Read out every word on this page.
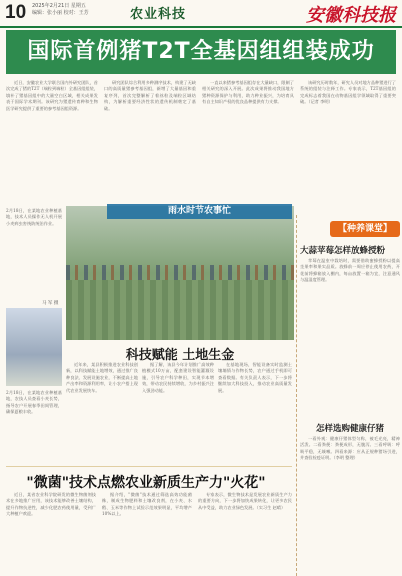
10 2025年2月21日 星期五
编辑：张小丽 校对：王芳	农业科技	安徽科技报
国际首例猪T2T全基因组组装成功
近日，安徽农业大学联合国内外研究团队，首次完成了猪的T2T（端粒到端粒）全基因组组装，填补了猪基因组中的大量空白区域，相关成果发表于国际学术期刊。该研究为猪遗传育种和生物医学研究提供了重要的参考基因组资源。
研究团队综合利用多种测序技术，构建了无缺口的高质量猪参考基因组，新增了大量基因和重复序列，首次完整解析了着丝粒及端粒区域结构，为解析重要经济性状的遗传机制奠定了基础。
一直以来猪参考基因组存在大量缺口，限制了相关研究的深入开展。此次成果将推动我国地方猪种资源保护与利用，助力种业振兴，为培育具有自主知识产权的优良品种提供有力支撑。
该研究历时数年，研究人员对地方品种猪进行了系统的组装与注释工作。专家表示，T2T基因组的完成标志着我国在动物基因组学领域取得了重要突破。（记者 李明）
雨水时节农事忙
2月18日，在某地农业种植基地，技术人员操作无人机开展小麦病虫害统防统治作业。
马 军 摄
2月18日，在某地农业种植基地，农技人员查看小麦长势，指导农户开展春季田间管理，确保夏粮丰收。
科技赋能 土地生金
近年来，某县积极推进农业科技创新，以科技赋能土地增效，通过推广良种良法、发展设施农业，不断提高土地产出率和资源利用率，让小农户搭上现代农业发展快车。
据了解，该县今年计划推广高效种植模式10万亩，配套建设智能灌溉设施，引导农户科学种田，实现节本增效，带动农民持续增收，为乡村振兴注入强劲动能。
在基地现场，智能设备实时监测土壤墒情与作物长势，农户通过手机即可查看数据。有关负责人表示，下一步将继续加大科技投入，推动农业高质量发展。
"微菌"技术点燃农业新质生产力"火花"
近日，某省农业科学院研发的微生物菌剂技术在多地推广应用，该技术能够改善土壤结构，提升作物抗逆性，减少化肥农药使用量，受到广大种植户欢迎。
据介绍，"微菌"技术通过筛选高效功能菌株，制成生物肥料和土壤改良剂，在小麦、水稻、玉米等作物上试验示范效果明显，平均增产10%以上。
专家表示，微生物技术是发展农业新质生产力的重要方向，下一步将加快成果转化，让更多农民从中受益，助力农业绿色发展。（实习生 赵晴）
【种养课堂】
大蒜苹莓怎样放蜂授粉
苹莓在温室中栽培时，需要借助蜜蜂授粉以提高坐果率和果实品质。放蜂前一周应停止使用农药，开花前将蜂箱放入棚内，每亩放置一箱为宜，注意通风与温湿度管理。
怎样选购健康仔猪
一看外观：健康仔猪体型匀称，被毛光亮，精神活泼。二看粪便：粪便成形，无腹泻。三看呼吸：呼吸平稳，无咳嗽。四看来源：应从正规种猪场引进，并查验检疫证明。（李明 整理）
